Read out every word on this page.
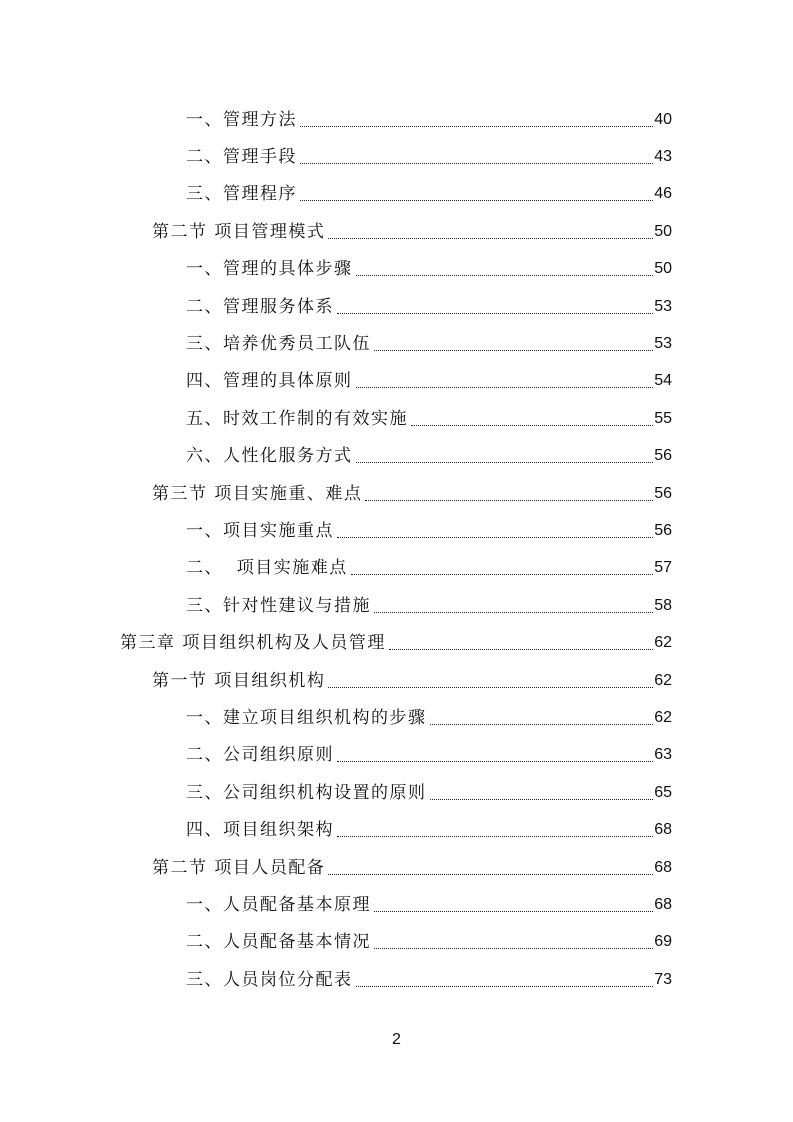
一、管理方法	40
二、管理手段	43
三、管理程序	46
第二节 项目管理模式	50
一、管理的具体步骤	50
二、管理服务体系	53
三、培养优秀员工队伍	53
四、管理的具体原则	54
五、时效工作制的有效实施	55
六、人性化服务方式	56
第三节 项目实施重、难点	56
一、项目实施重点	56
二、  项目实施难点	57
三、针对性建议与措施	58
第三章 项目组织机构及人员管理	62
第一节 项目组织机构	62
一、建立项目组织机构的步骤	62
二、公司组织原则	63
三、公司组织机构设置的原则	65
四、项目组织架构	68
第二节 项目人员配备	68
一、人员配备基本原理	68
二、人员配备基本情况	69
三、人员岗位分配表	73
2
